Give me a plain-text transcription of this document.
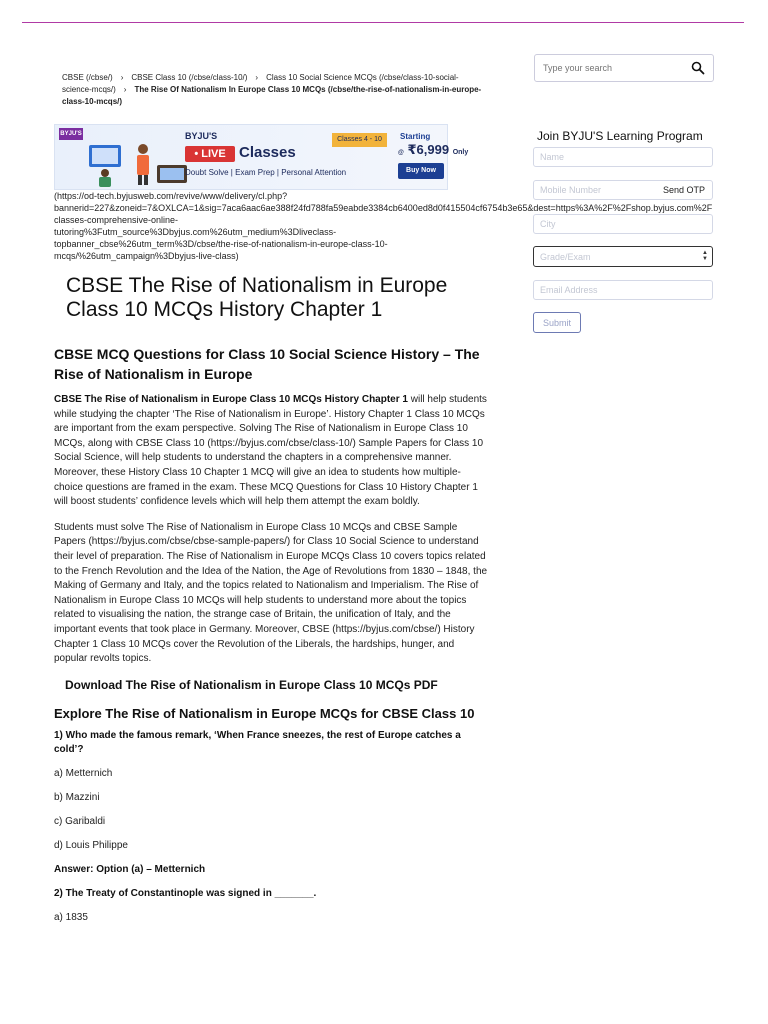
CBSE (/cbse/) › CBSE Class 10 (/cbse/class-10/) › Class 10 Social Science MCQs (/cbse/class-10-social-science-mcqs/) › The Rise Of Nationalism In Europe Class 10 MCQs (/cbse/the-rise-of-nationalism-in-europe-class-10-mcqs/)
BYJU'S	BYJU'S
• LIVE Classes
Doubt Solve | Exam Prep | Personal Attention
Classes 4 - 10	Starting
@ ₹6,999 Only
Buy Now
(https://od-tech.byjusweb.com/revive/www/delivery/cl.php?
bannerid=227&zoneid=7&OXLCA=1&sig=7aca6aac6ae388f24fd788fa59eabde3384cb6400ed8d0f415504cf6754b3e65&dest=https%3A%2F%2Fshop.byjus.com%2F
classes-comprehensive-online-
tutoring%3Futm_source%3Dbyjus.com%26utm_medium%3Dliveclass-
topbanner_cbse%26utm_term%3D/cbse/the-rise-of-nationalism-in-europe-class-10-
mcqs/%26utm_campaign%3Dbyjus-live-class)
CBSE The Rise of Nationalism in Europe Class 10 MCQs History Chapter 1
CBSE MCQ Questions for Class 10 Social Science History – The Rise of Nationalism in Europe

CBSE The Rise of Nationalism in Europe Class 10 MCQs History Chapter 1 will help students while studying the chapter ‘The Rise of Nationalism in Europe’. History Chapter 1 Class 10 MCQs are important from the exam perspective. Solving The Rise of Nationalism in Europe Class 10 MCQs, along with CBSE Class 10 (https://byjus.com/cbse/class-10/) Sample Papers for Class 10 Social Science, will help students to understand the chapters in a comprehensive manner. Moreover, these History Class 10 Chapter 1 MCQ will give an idea to students how multiple-choice questions are framed in the exam. These MCQ Questions for Class 10 History Chapter 1 will boost students’ confidence levels which will help them attempt the exam boldly.

Students must solve The Rise of Nationalism in Europe Class 10 MCQs and CBSE Sample Papers (https://byjus.com/cbse/cbse-sample-papers/) for Class 10 Social Science to understand their level of preparation. The Rise of Nationalism in Europe MCQs Class 10 covers topics related to the French Revolution and the Idea of the Nation, the Age of Revolutions from 1830 – 1848, the Making of Germany and Italy, and the topics related to Nationalism and Imperialism. The Rise of Nationalism in Europe Class 10 MCQs will help students to understand more about the topics related to visualising the nation, the strange case of Britain, the unification of Italy, and the important events that took place in Germany. Moreover, CBSE (https://byjus.com/cbse/) History Chapter 1 Class 10 MCQs cover the Revolution of the Liberals, the hardships, hunger, and popular revolts topics.

Download The Rise of Nationalism in Europe Class 10 MCQs PDF
Explore The Rise of Nationalism in Europe MCQs for CBSE Class 10
1) Who made the famous remark, ‘When France sneezes, the rest of Europe catches a cold’?
a) Metternich
b) Mazzini
c) Garibaldi
d) Louis Philippe
Answer: Option (a) – Metternich
2) The Treaty of Constantinople was signed in _______.
a) 1835
Type your search
Join BYJU'S Learning Program
Name
Mobile Number
Send OTP
City
Grade/Exam	▲
▼
Email Address
Submit
